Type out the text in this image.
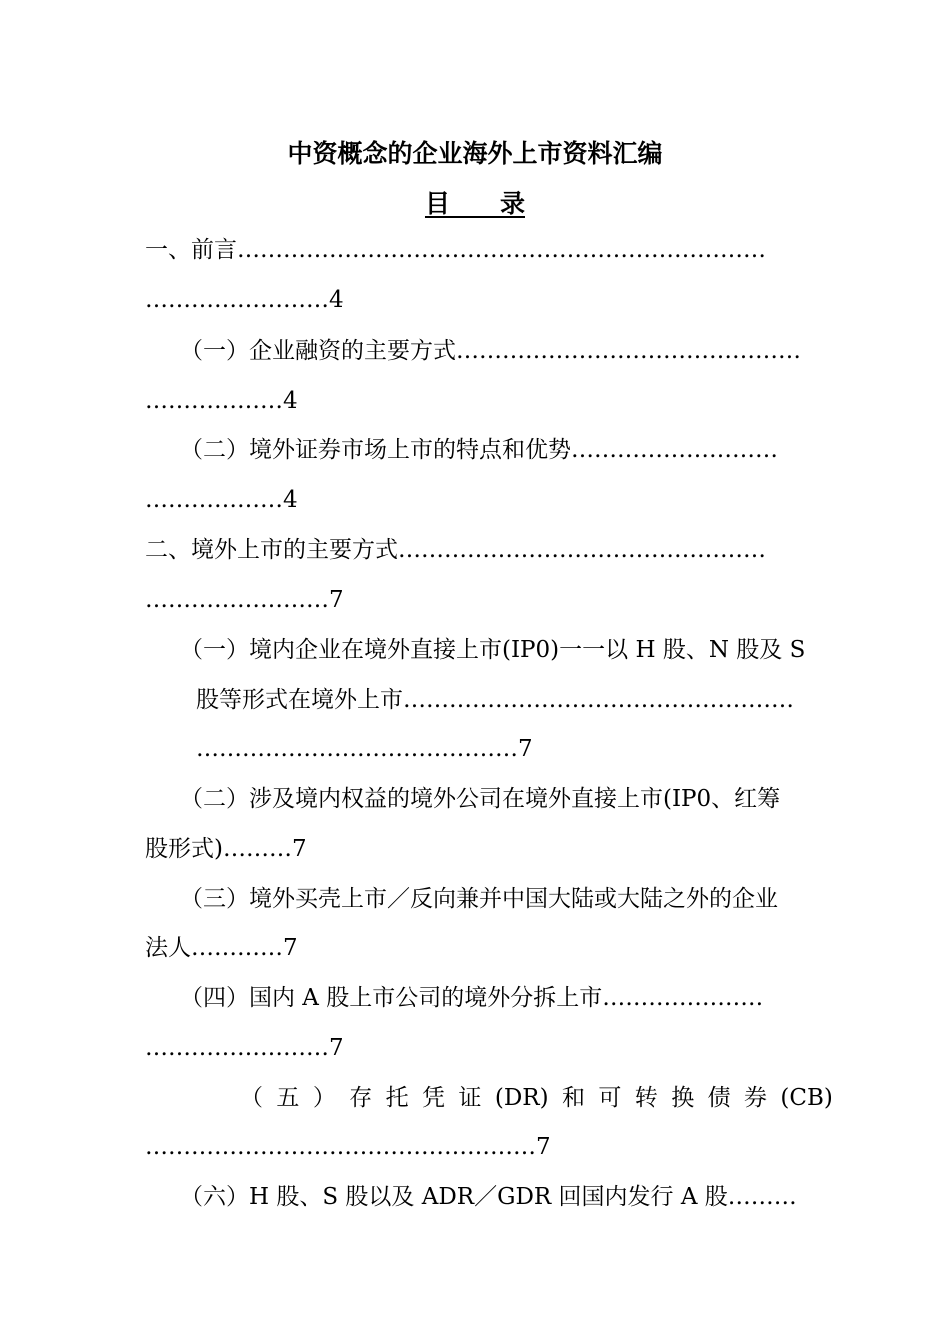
中资概念的企业海外上市资料汇编
目　　录
一、前言……………………………………………………………
……………………4
（一）企业融资的主要方式………………………………………
………………4
（二）境外证券市场上市的特点和优势………………………
………………4
二、境外上市的主要方式…………………………………………
……………………7
（一）境内企业在境外直接上市(IP0)一一以 H 股、N 股及 S
股等形式在境外上市……………………………………………
……………………………………7
（二）涉及境内权益的境外公司在境外直接上市(IP0、红筹
股形式)………7
（三）境外买壳上市／反向兼并中国大陆或大陆之外的企业
法人…………7
（四）国内 A 股上市公司的境外分拆上市…………………
……………………7
（ 五 ） 存 托 凭 证 (DR) 和 可 转 换 债 券 (CB)
……………………………………………7
（六）H 股、S 股以及 ADR／GDR 回国内发行 A 股………
